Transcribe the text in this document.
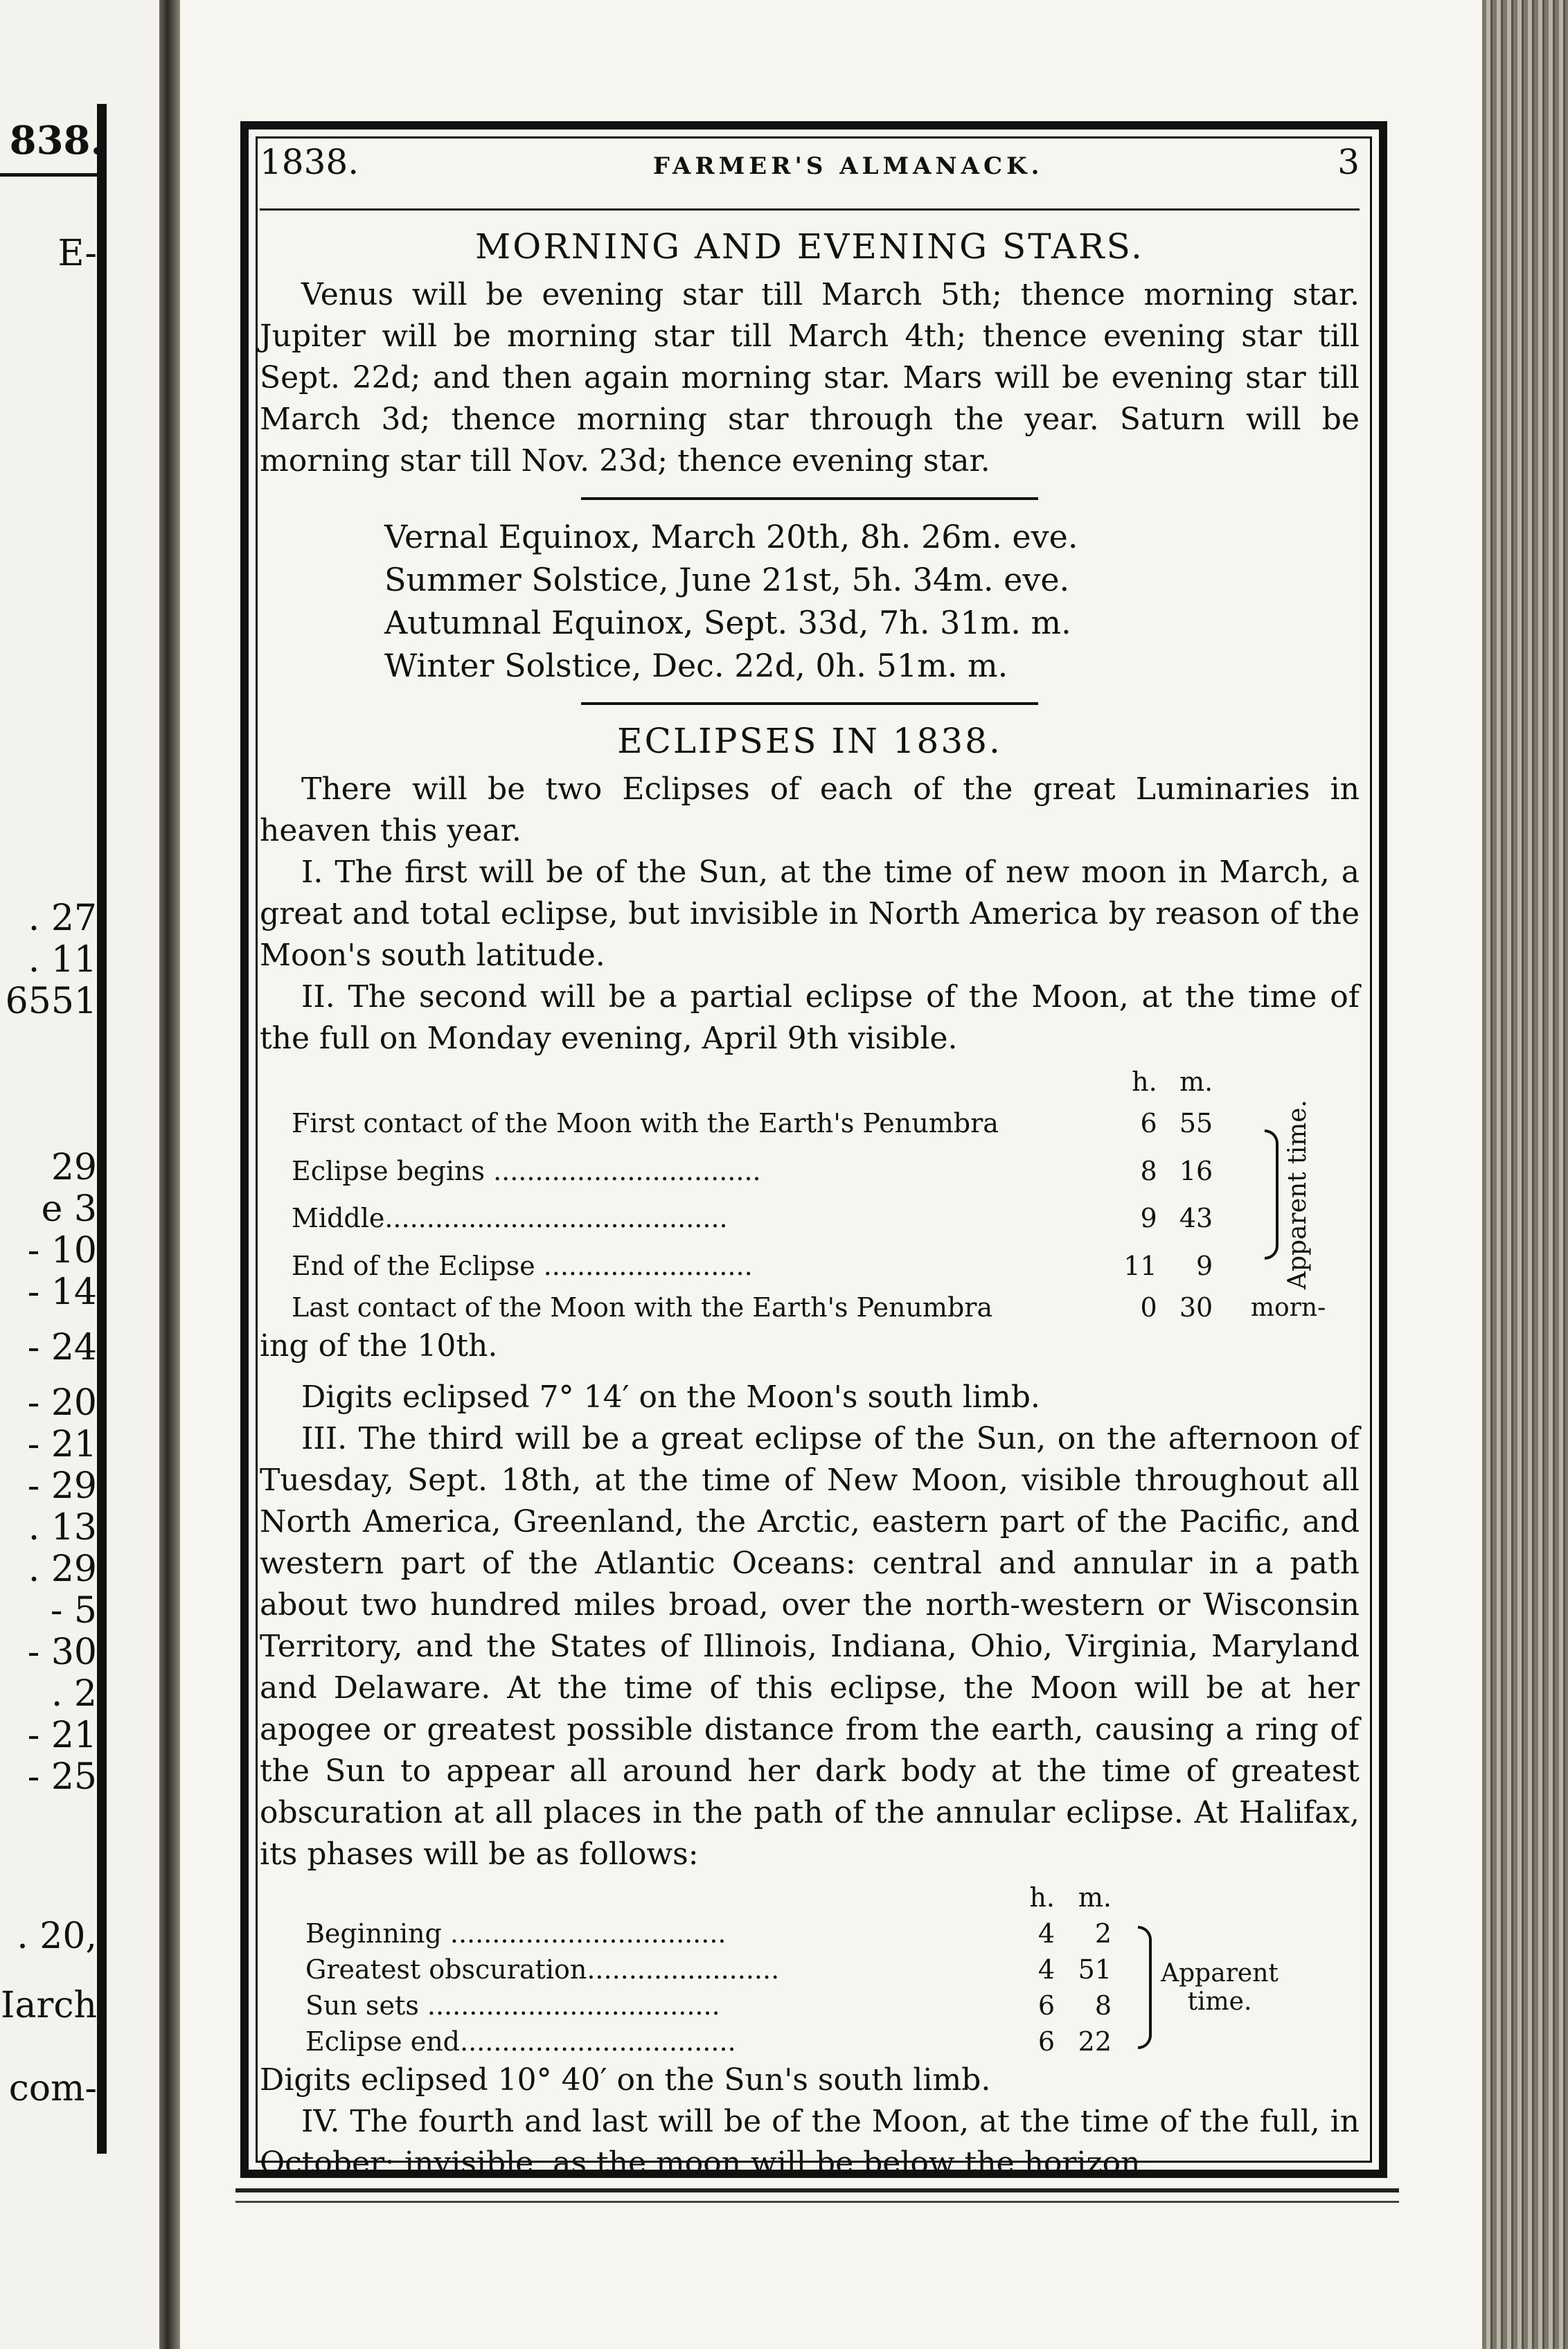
838.
E-
. 27
. 11
6551
29
e 3
- 10
- 14
- 24
- 20
- 21
- 29
. 13
. 29
- 5
- 30
. 2
- 21
- 25
. 20,
Iarch
com-
1838.	FARMER'S ALMANACK.	3
MORNING AND EVENING STARS.

Venus will be evening star till March 5th; thence morning star. Jupiter will be morning star till March 4th; thence evening star till Sept. 22d; and then again morning star. Mars will be evening star till March 3d; thence morning star through the year. Saturn will be morning star till Nov. 23d; thence evening star.

Vernal Equinox, March 20th, 8h. 26m. eve.
Summer Solstice, June 21st, 5h. 34m. eve.
Autumnal Equinox, Sept. 33d, 7h. 31m. m.
Winter Solstice, Dec. 22d, 0h. 51m. m.
ECLIPSES IN 1838.

There will be two Eclipses of each of the great Luminaries in heaven this year.

I. The first will be of the Sun, at the time of new moon in March, a great and total eclipse, but invisible in North America by reason of the Moon's south latitude.

II. The second will be a partial eclipse of the Moon, at the time of the full on Monday evening, April 9th visible.

	h.	m.	
First contact of the Moon with the Earth's Penumbra	6	55	Apparent time.
Eclipse begins ................................	8	16	
Middle.........................................	9	43	
End of the Eclipse .........................	11	9	
Last contact of the Moon with the Earth's Penumbra	0	30	morn-

ing of the 10th.

Digits eclipsed 7° 14′ on the Moon's south limb.

III. The third will be a great eclipse of the Sun, on the afternoon of Tuesday, Sept. 18th, at the time of New Moon, visible throughout all North America, Greenland, the Arctic, eastern part of the Pacific, and western part of the Atlantic Oceans: central and annular in a path about two hundred miles broad, over the north-western or Wisconsin Territory, and the States of Illinois, Indiana, Ohio, Virginia, Maryland and Delaware. At the time of this eclipse, the Moon will be at her apogee or greatest possible distance from the earth, causing a ring of the Sun to appear all around her dark body at the time of greatest obscuration at all places in the path of the annular eclipse. At Halifax, its phases will be as follows:

	h.	m.	
Beginning .................................	4	2	Apparent time.
Greatest obscuration.......................	4	51	
Sun sets ...................................	6	8	
Eclipse end.................................	6	22	

Digits eclipsed 10° 40′ on the Sun's south limb.

IV. The fourth and last will be of the Moon, at the time of the full, in October; invisible, as the moon will be below the horizon.
